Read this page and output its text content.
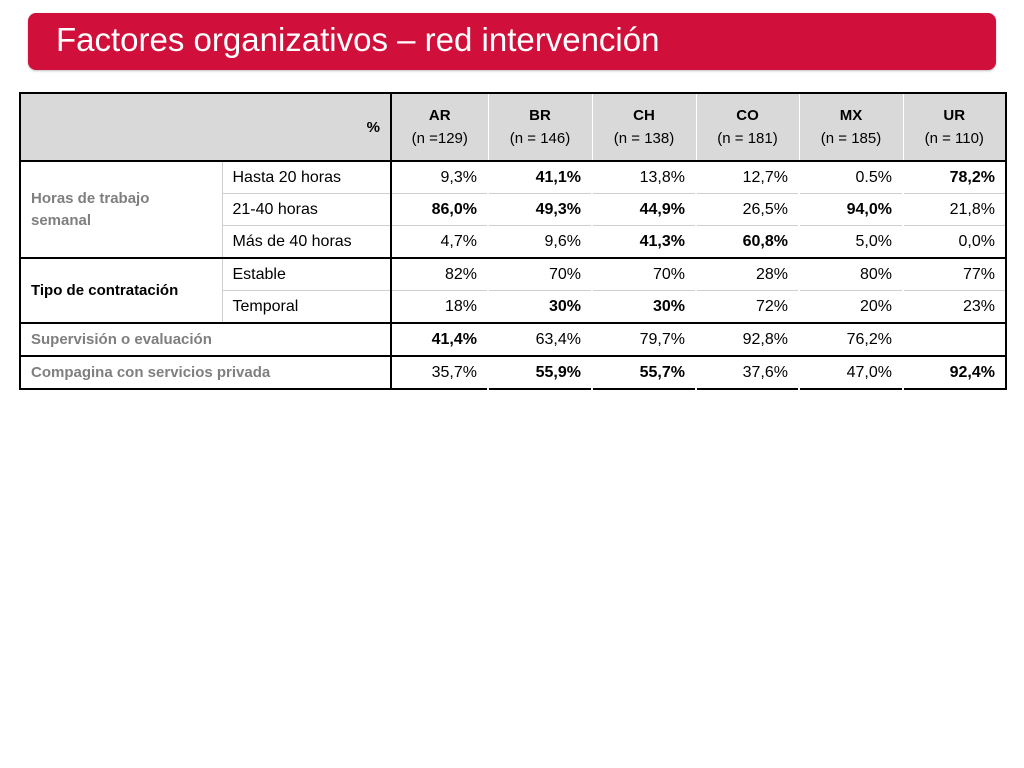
Factores organizativos – red intervención
%		AR	BR	CH	CO	MX	UR
		(n =129)	(n = 146)	(n = 138)	(n = 181)	(n = 185)	(n = 110)
Horas de trabajo semanal	Hasta 20 horas	9,3%	41,1%	13,8%	12,7%	0.5%	78,2%
	21-40 horas	86,0%	49,3%	44,9%	26,5%	94,0%	21,8%
	Más de 40 horas	4,7%	9,6%	41,3%	60,8%	5,0%	0,0%
Tipo de contratación	Estable	82%	70%	70%	28%	80%	77%
	Temporal	18%	30%	30%	72%	20%	23%
Supervisión o evaluación		41,4%	63,4%	79,7%	92,8%	76,2%	
Compagina con servicios privada		35,7%	55,9%	55,7%	37,6%	47,0%	92,4%
